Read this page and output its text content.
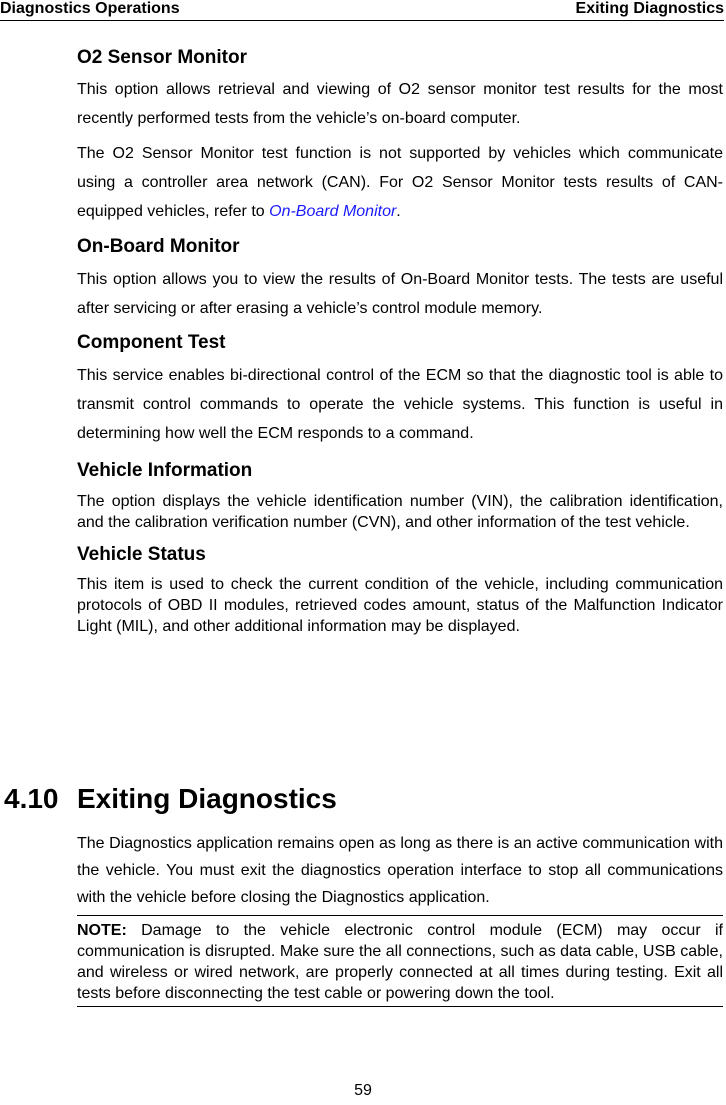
Diagnostics Operations	Exiting Diagnostics
O2 Sensor Monitor

This option allows retrieval and viewing of O2 sensor monitor test results for the most recently performed tests from the vehicle’s on-board computer.

The O2 Sensor Monitor test function is not supported by vehicles which communicate using a controller area network (CAN). For O2 Sensor Monitor tests results of CAN-equipped vehicles, refer to On-Board Monitor.

On-Board Monitor

This option allows you to view the results of On-Board Monitor tests. The tests are useful after servicing or after erasing a vehicle’s control module memory.

Component Test

This service enables bi-directional control of the ECM so that the diagnostic tool is able to transmit control commands to operate the vehicle systems. This function is useful in determining how well the ECM responds to a command.

Vehicle Information

The option displays the vehicle identification number (VIN), the calibration identification, and the calibration verification number (CVN), and other information of the test vehicle.

Vehicle Status

This item is used to check the current condition of the vehicle, including communication protocols of OBD II modules, retrieved codes amount, status of the Malfunction Indicator Light (MIL), and other additional information may be displayed.

4.10 Exiting Diagnostics

The Diagnostics application remains open as long as there is an active communication with the vehicle. You must exit the diagnostics operation interface to stop all communications with the vehicle before closing the Diagnostics application.

NOTE: Damage to the vehicle electronic control module (ECM) may occur if communication is disrupted. Make sure the all connections, such as data cable, USB cable, and wireless or wired network, are properly connected at all times during testing. Exit all tests before disconnecting the test cable or powering down the tool.

59
